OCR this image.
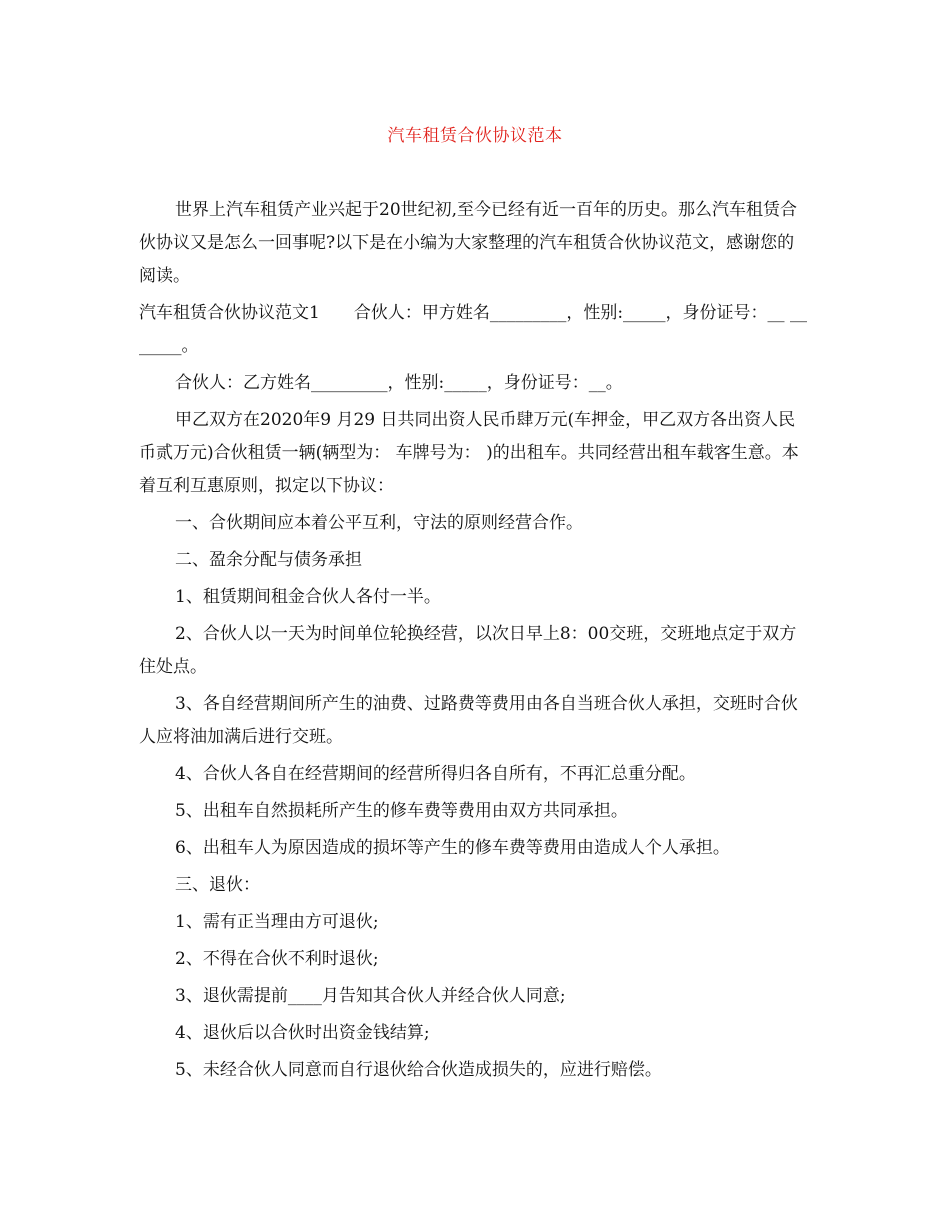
汽车租赁合伙协议范本

世界上汽车租赁产业兴起于20世纪初,至今已经有近一百年的历史。那么汽车租赁合伙协议又是怎么一回事呢?以下是在小编为大家整理的汽车租赁合伙协议范文，感谢您的阅读。

汽车租赁合伙协议范文1　　合伙人：甲方姓名_________，性别:_____，身份证号：__ _______。

合伙人：乙方姓名_________，性别:_____，身份证号：__。

甲乙双方在2020年9 月29 日共同出资人民币肆万元(车押金，甲乙双方各出资人民币贰万元)合伙租赁一辆(辆型为： 车牌号为： )的出租车。共同经营出租车载客生意。本着互利互惠原则，拟定以下协议：

一、合伙期间应本着公平互利，守法的原则经营合作。

二、盈余分配与债务承担

1、租赁期间租金合伙人各付一半。

2、合伙人以一天为时间单位轮换经营，以次日早上8：00交班，交班地点定于双方住处点。

3、各自经营期间所产生的油费、过路费等费用由各自当班合伙人承担，交班时合伙人应将油加满后进行交班。

4、合伙人各自在经营期间的经营所得归各自所有，不再汇总重分配。

5、出租车自然损耗所产生的修车费等费用由双方共同承担。

6、出租车人为原因造成的损坏等产生的修车费等费用由造成人个人承担。

三、退伙：

1、需有正当理由方可退伙;

2、不得在合伙不利时退伙;

3、退伙需提前____月告知其合伙人并经合伙人同意;

4、退伙后以合伙时出资金钱结算;

5、未经合伙人同意而自行退伙给合伙造成损失的，应进行赔偿。
